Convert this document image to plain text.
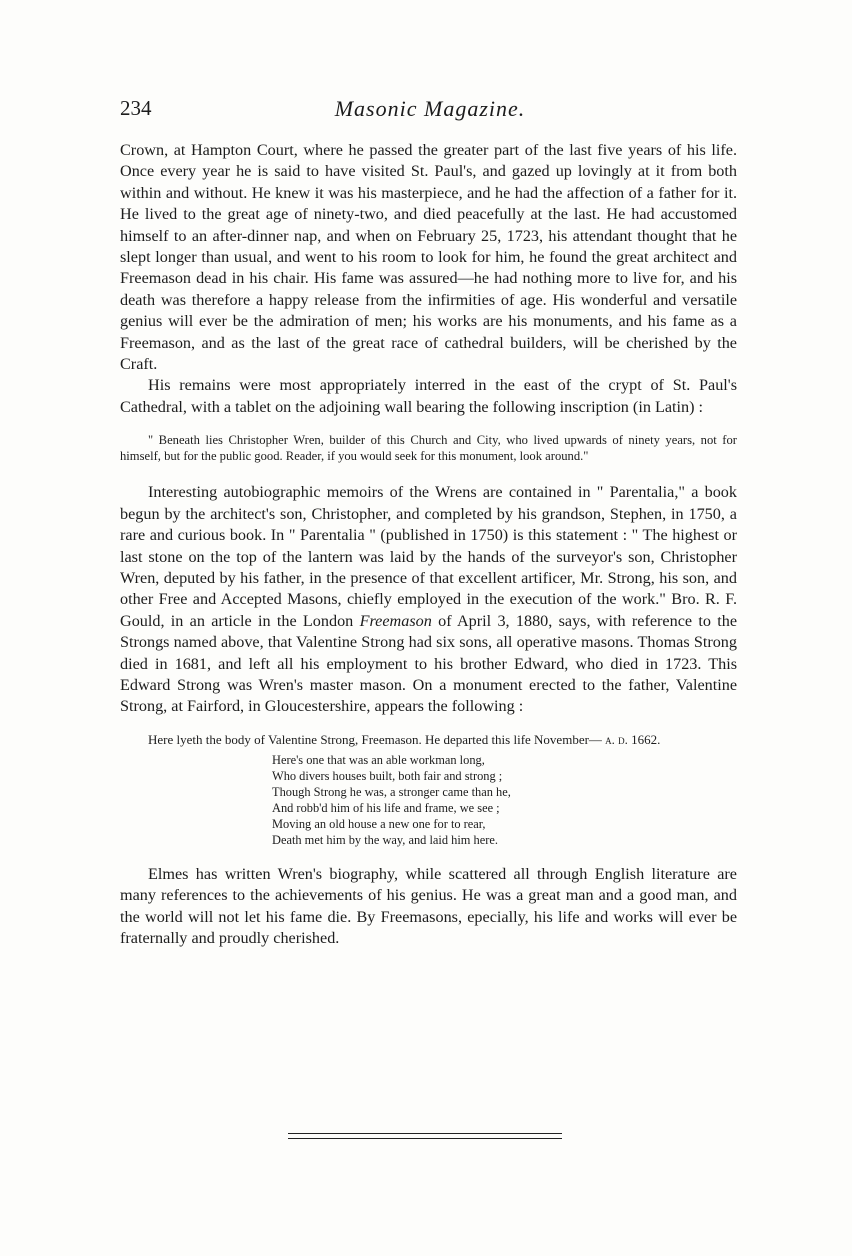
234	Masonic Magazine.

Crown, at Hampton Court, where he passed the greater part of the last five years of his life. Once every year he is said to have visited St. Paul's, and gazed up lovingly at it from both within and without. He knew it was his masterpiece, and he had the affection of a father for it. He lived to the great age of ninety-two, and died peacefully at the last. He had accustomed himself to an after-dinner nap, and when on February 25, 1723, his attendant thought that he slept longer than usual, and went to his room to look for him, he found the great architect and Freemason dead in his chair. His fame was assured—he had nothing more to live for, and his death was therefore a happy release from the infirmities of age. His wonderful and versatile genius will ever be the admiration of men; his works are his monuments, and his fame as a Freemason, and as the last of the great race of cathedral builders, will be cherished by the Craft.

His remains were most appropriately interred in the east of the crypt of St. Paul's Cathedral, with a tablet on the adjoining wall bearing the following inscription (in Latin) :

" Beneath lies Christopher Wren, builder of this Church and City, who lived upwards of ninety years, not for himself, but for the public good. Reader, if you would seek for this monument, look around."

Interesting autobiographic memoirs of the Wrens are contained in " Parentalia," a book begun by the architect's son, Christopher, and completed by his grandson, Stephen, in 1750, a rare and curious book. In " Parentalia " (published in 1750) is this statement : " The highest or last stone on the top of the lantern was laid by the hands of the surveyor's son, Christopher Wren, deputed by his father, in the presence of that excellent artificer, Mr. Strong, his son, and other Free and Accepted Masons, chiefly employed in the execution of the work." Bro. R. F. Gould, in an article in the London Freemason of April 3, 1880, says, with reference to the Strongs named above, that Valentine Strong had six sons, all operative masons. Thomas Strong died in 1681, and left all his employment to his brother Edward, who died in 1723. This Edward Strong was Wren's master mason. On a monument erected to the father, Valentine Strong, at Fairford, in Gloucestershire, appears the following :

Here lyeth the body of Valentine Strong, Freemason. He departed this life November— a. d. 1662.

Here's one that was an able workman long,
Who divers houses built, both fair and strong ;
Though Strong he was, a stronger came than he,
And robb'd him of his life and frame, we see ;
Moving an old house a new one for to rear,
Death met him by the way, and laid him here.

Elmes has written Wren's biography, while scattered all through English literature are many references to the achievements of his genius. He was a great man and a good man, and the world will not let his fame die. By Freemasons, epecially, his life and works will ever be fraternally and proudly cherished.
